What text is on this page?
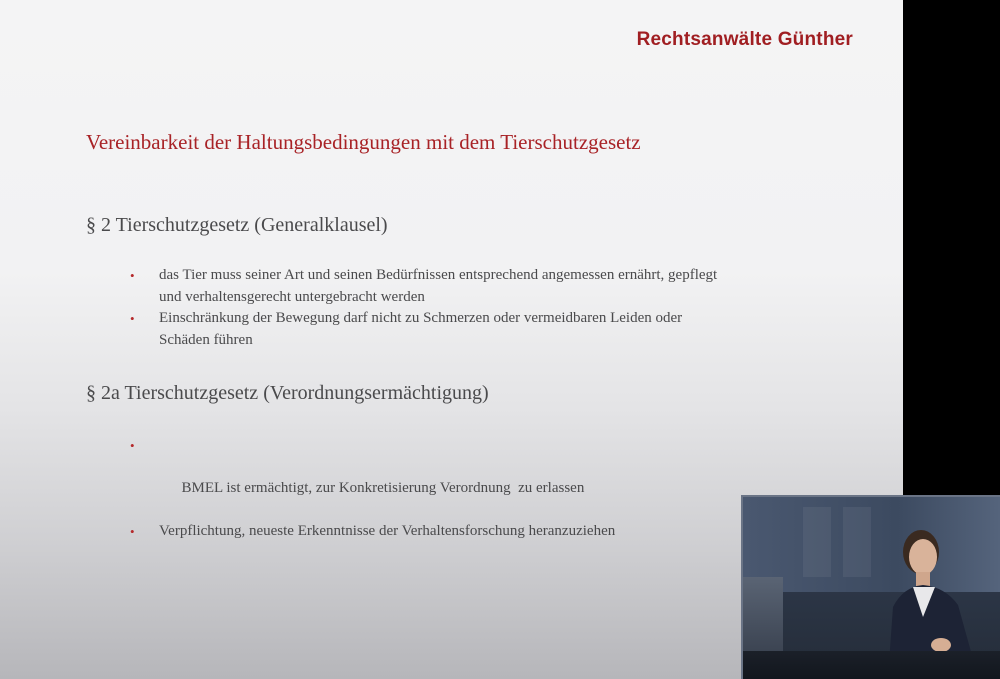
Rechtsanwälte Günther
Vereinbarkeit der Haltungsbedingungen mit dem Tierschutzgesetz
§ 2 Tierschutzgesetz (Generalklausel)
• das Tier muss seiner Art und seinen Bedürfnissen entsprechend angemessen ernährt, gepflegt und verhaltensgerecht untergebracht werden
• Einschränkung der Bewegung darf nicht zu Schmerzen oder vermeidbaren Leiden oder Schäden führen
§ 2a Tierschutzgesetz (Verordnungsermächtigung)

•

BMEL ist ermächtigt, zur Konkretisierung Verordnung  zu erlassen

• Verpflichtung, neueste Erkenntnisse der Verhaltensforschung heranzuziehen
